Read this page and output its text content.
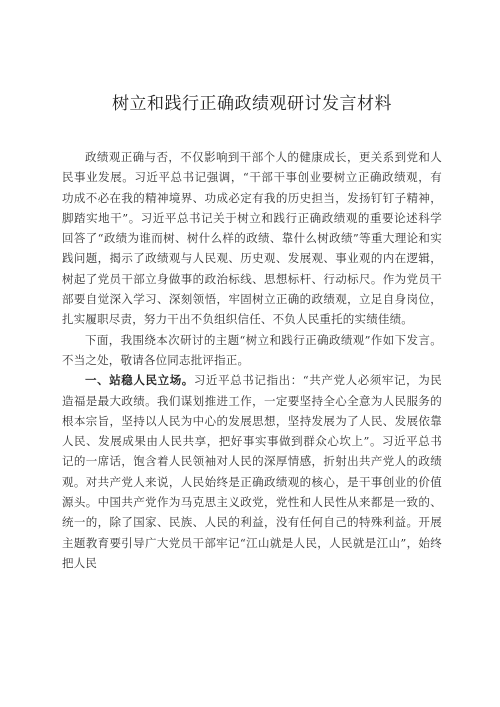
树立和践行正确政绩观研讨发言材料

政绩观正确与否，不仅影响到干部个人的健康成长，更关系到党和人民事业发展。习近平总书记强调，“干部干事创业要树立正确政绩观，有功成不必在我的精神境界、功成必定有我的历史担当，发扬钉钉子精神，脚踏实地干”。习近平总书记关于树立和践行正确政绩观的重要论述科学回答了“政绩为谁而树、树什么样的政绩、靠什么树政绩”等重大理论和实践问题，揭示了政绩观与人民观、历史观、发展观、事业观的内在逻辑，树起了党员干部立身做事的政治标线、思想标杆、行动标尺。作为党员干部要自觉深入学习、深刻领悟，牢固树立正确的政绩观，立足自身岗位，扎实履职尽责，努力干出不负组织信任、不负人民重托的实绩佳绩。

下面，我围绕本次研讨的主题“树立和践行正确政绩观”作如下发言。不当之处，敬请各位同志批评指正。

一、站稳人民立场。习近平总书记指出：“共产党人必须牢记，为民造福是最大政绩。我们谋划推进工作，一定要坚持全心全意为人民服务的根本宗旨，坚持以人民为中心的发展思想，坚持发展为了人民、发展依靠人民、发展成果由人民共享，把好事实事做到群众心坎上”。习近平总书记的一席话，饱含着人民领袖对人民的深厚情感，折射出共产党人的政绩观。对共产党人来说，人民始终是正确政绩观的核心，是干事创业的价值源头。中国共产党作为马克思主义政党，党性和人民性从来都是一致的、统一的，除了国家、民族、人民的利益，没有任何自己的特殊利益。开展主题教育要引导广大党员干部牢记“江山就是人民，人民就是江山”，始终把人民
